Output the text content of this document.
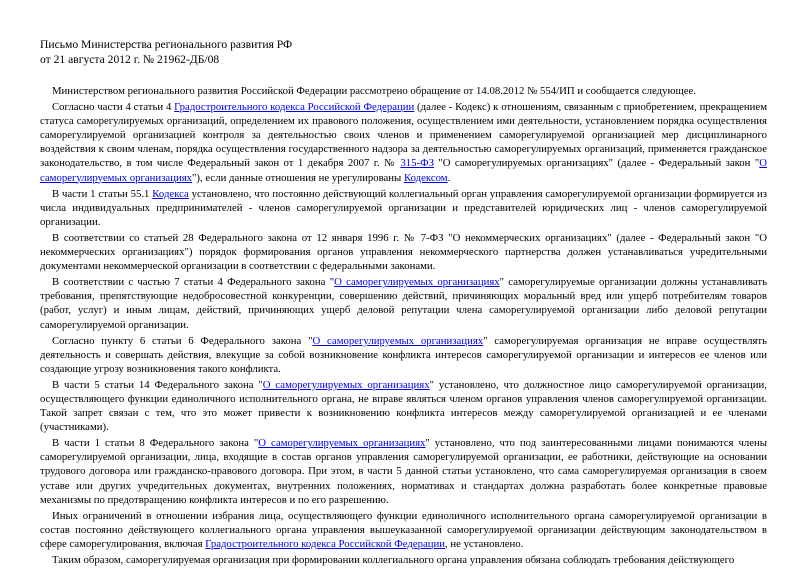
Письмо Министерства регионального развития РФ
от 21 августа 2012 г. № 21962-ДБ/08

Министерством регионального развития Российской Федерации рассмотрено обращение от 14.08.2012 № 554/ИП и сообщается следующее.

Согласно части 4 статьи 4 Градостроительного кодекса Российской Федерации (далее - Кодекс) к отношениям, связанным с приобретением, прекращением статуса саморегулируемых организаций, определением их правового положения, осуществлением ими деятельности, установлением порядка осуществления саморегулируемой организацией контроля за деятельностью своих членов и применением саморегулируемой организацией мер дисциплинарного воздействия к своим членам, порядка осуществления государственного надзора за деятельностью саморегулируемых организаций, применяется гражданское законодательство, в том числе Федеральный закон от 1 декабря 2007 г. № 315-ФЗ "О саморегулируемых организациях" (далее - Федеральный закон "О саморегулируемых организациях"), если данные отношения не урегулированы Кодексом.

В части 1 статьи 55.1 Кодекса установлено, что постоянно действующий коллегиальный орган управления саморегулируемой организации формируется из числа индивидуальных предпринимателей - членов саморегулируемой организации и представителей юридических лиц - членов саморегулируемой организации.

В соответствии со статьей 28 Федерального закона от 12 января 1996 г. № 7-ФЗ "О некоммерческих организациях" (далее - Федеральный закон "О некоммерческих организациях") порядок формирования органов управления некоммерческого партнерства должен устанавливаться учредительными документами некоммерческой организации в соответствии с федеральными законами.

В соответствии с частью 7 статьи 4 Федерального закона "О саморегулируемых организациях" саморегулируемые организации должны устанавливать требования, препятствующие недобросовестной конкуренции, совершению действий, причиняющих моральный вред или ущерб потребителям товаров (работ, услуг) и иным лицам, действий, причиняющих ущерб деловой репутации члена саморегулируемой организации либо деловой репутации саморегулируемой организации.

Согласно пункту 6 статьи 6 Федерального закона "О саморегулируемых организациях" саморегулируемая организация не вправе осуществлять деятельность и совершать действия, влекущие за собой возникновение конфликта интересов саморегулируемой организации и интересов ее членов или создающие угрозу возникновения такого конфликта.

В части 5 статьи 14 Федерального закона "О саморегулируемых организациях" установлено, что должностное лицо саморегулируемой организации, осуществляющего функции единоличного исполнительного органа, не вправе являться членом органов управления членов саморегулируемой организации. Такой запрет связан с тем, что это может привести к возникновению конфликта интересов между саморегулируемой организацией и ее членами (участниками).

В части 1 статьи 8 Федерального закона "О саморегулируемых организациях" установлено, что под заинтересованными лицами понимаются члены саморегулируемой организации, лица, входящие в состав органов управления саморегулируемой организации, ее работники, действующие на основании трудового договора или гражданско-правового договора. При этом, в части 5 данной статьи установлено, что сама саморегулируемая организация в своем уставе или других учредительных документах, внутренних положениях, нормативах и стандартах должна разработать более конкретные правовые механизмы по предотвращению конфликта интересов и по его разрешению.

Иных ограничений в отношении избрания лица, осуществляющего функции единоличного исполнительного органа саморегулируемой организации в состав постоянно действующего коллегиального органа управления вышеуказанной саморегулируемой организации действующим законодательством в сфере саморегулирования, включая Градостроительного кодекса Российской Федерации, не установлено.

Таким образом, саморегулируемая организация при формировании коллегиального органа управления обязана соблюдать требования действующего
